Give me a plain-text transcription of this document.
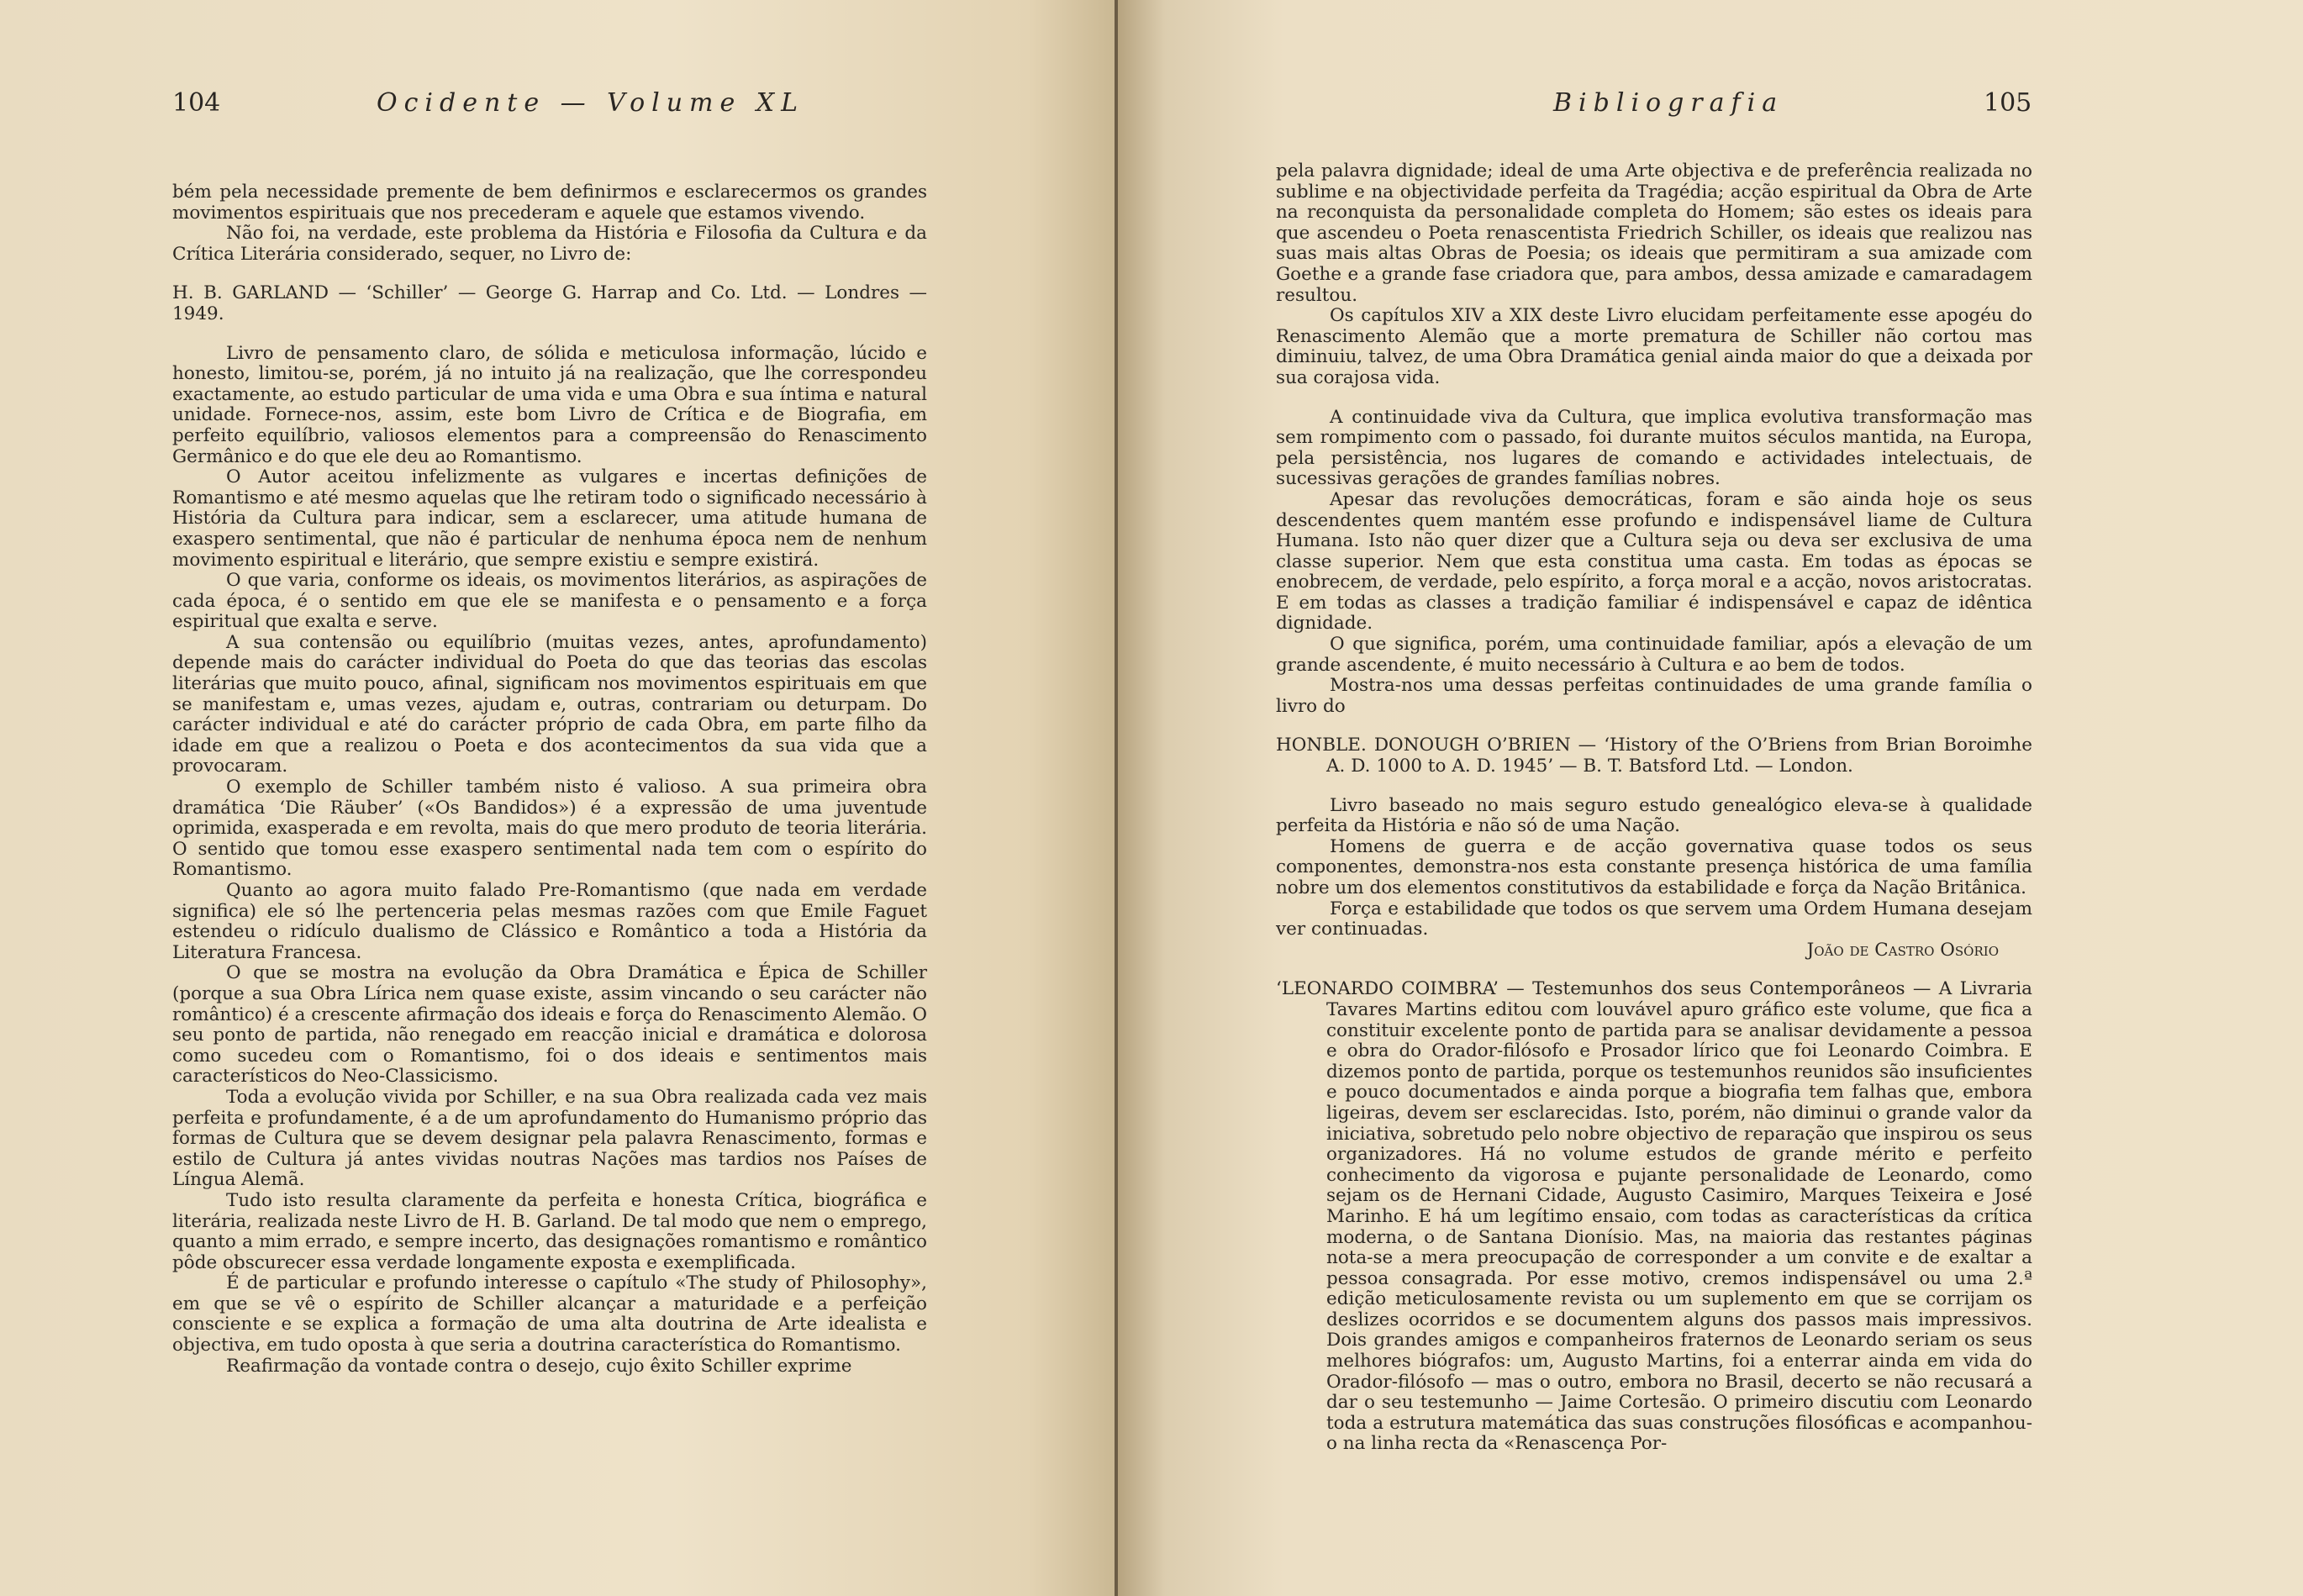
104	Ocidente — Volume XL

bém pela necessidade premente de bem definirmos e esclarecermos os grandes movimentos espirituais que nos precederam e aquele que estamos vivendo.

Não foi, na verdade, este problema da História e Filosofia da Cultura e da Crítica Literária considerado, sequer, no Livro de:

H. B. GARLAND — ‘Schiller’ — George G. Harrap and Co. Ltd. — Londres — 1949.

Livro de pensamento claro, de sólida e meticulosa informação, lúcido e honesto, limitou-se, porém, já no intuito já na realização, que lhe correspondeu exactamente, ao estudo particular de uma vida e uma Obra e sua íntima e natural unidade. Fornece-nos, assim, este bom Livro de Crítica e de Biografia, em perfeito equilíbrio, valiosos elementos para a compreensão do Renascimento Germânico e do que ele deu ao Romantismo.

O Autor aceitou infelizmente as vulgares e incertas definições de Romantismo e até mesmo aquelas que lhe retiram todo o significado necessário à História da Cultura para indicar, sem a esclarecer, uma atitude humana de exaspero sentimental, que não é particular de nenhuma época nem de nenhum movimento espiritual e literário, que sempre existiu e sempre existirá.

O que varia, conforme os ideais, os movimentos literários, as aspirações de cada época, é o sentido em que ele se manifesta e o pensamento e a força espiritual que exalta e serve.

A sua contensão ou equilíbrio (muitas vezes, antes, aprofundamento) depende mais do carácter individual do Poeta do que das teorias das escolas literárias que muito pouco, afinal, significam nos movimentos espirituais em que se manifestam e, umas vezes, ajudam e, outras, contrariam ou deturpam. Do carácter individual e até do carácter próprio de cada Obra, em parte filho da idade em que a realizou o Poeta e dos acontecimentos da sua vida que a provocaram.

O exemplo de Schiller também nisto é valioso. A sua primeira obra dramática ‘Die Räuber’ («Os Bandidos») é a expressão de uma juventude oprimida, exasperada e em revolta, mais do que mero produto de teoria literária. O sentido que tomou esse exaspero sentimental nada tem com o espírito do Romantismo.

Quanto ao agora muito falado Pre-Romantismo (que nada em verdade significa) ele só lhe pertenceria pelas mesmas razões com que Emile Faguet estendeu o ridículo dualismo de Clássico e Romântico a toda a História da Literatura Francesa.

O que se mostra na evolução da Obra Dramática e Épica de Schiller (porque a sua Obra Lírica nem quase existe, assim vincando o seu carácter não romântico) é a crescente afirmação dos ideais e força do Renascimento Alemão. O seu ponto de partida, não renegado em reacção inicial e dramática e dolorosa como sucedeu com o Romantismo, foi o dos ideais e sentimentos mais característicos do Neo-Classicismo.

Toda a evolução vivida por Schiller, e na sua Obra realizada cada vez mais perfeita e profundamente, é a de um aprofundamento do Humanismo próprio das formas de Cultura que se devem designar pela palavra Renascimento, formas e estilo de Cultura já antes vividas noutras Nações mas tardios nos Países de Língua Alemã.

Tudo isto resulta claramente da perfeita e honesta Crítica, biográfica e literária, realizada neste Livro de H. B. Garland. De tal modo que nem o emprego, quanto a mim errado, e sempre incerto, das designações romantismo e romântico pôde obscurecer essa verdade longamente exposta e exemplificada.

É de particular e profundo interesse o capítulo «The study of Philosophy», em que se vê o espírito de Schiller alcançar a maturidade e a perfeição consciente e se explica a formação de uma alta doutrina de Arte idealista e objectiva, em tudo oposta à que seria a doutrina característica do Romantismo.

Reafirmação da vontade contra o desejo, cujo êxito Schiller exprime

Bibliografia	105

pela palavra dignidade; ideal de uma Arte objectiva e de preferência realizada no sublime e na objectividade perfeita da Tragédia; acção espiritual da Obra de Arte na reconquista da personalidade completa do Homem; são estes os ideais para que ascendeu o Poeta renascentista Friedrich Schiller, os ideais que realizou nas suas mais altas Obras de Poesia; os ideais que permitiram a sua amizade com Goethe e a grande fase criadora que, para ambos, dessa amizade e camaradagem resultou.

Os capítulos XIV a XIX deste Livro elucidam perfeitamente esse apogéu do Renascimento Alemão que a morte prematura de Schiller não cortou mas diminuiu, talvez, de uma Obra Dramática genial ainda maior do que a deixada por sua corajosa vida.

A continuidade viva da Cultura, que implica evolutiva transformação mas sem rompimento com o passado, foi durante muitos séculos mantida, na Europa, pela persistência, nos lugares de comando e actividades intelectuais, de sucessivas gerações de grandes famílias nobres.

Apesar das revoluções democráticas, foram e são ainda hoje os seus descendentes quem mantém esse profundo e indispensável liame de Cultura Humana. Isto não quer dizer que a Cultura seja ou deva ser exclusiva de uma classe superior. Nem que esta constitua uma casta. Em todas as épocas se enobrecem, de verdade, pelo espírito, a força moral e a acção, novos aristocratas. E em todas as classes a tradição familiar é indispensável e capaz de idêntica dignidade.

O que significa, porém, uma continuidade familiar, após a elevação de um grande ascendente, é muito necessário à Cultura e ao bem de todos.

Mostra-nos uma dessas perfeitas continuidades de uma grande família o livro do

HONBLE. DONOUGH O’BRIEN — ‘History of the O’Briens from Brian Boroimhe A. D. 1000 to A. D. 1945’ — B. T. Batsford Ltd. — London.

Livro baseado no mais seguro estudo genealógico eleva-se à qualidade perfeita da História e não só de uma Nação.

Homens de guerra e de acção governativa quase todos os seus componentes, demonstra-nos esta constante presença histórica de uma família nobre um dos elementos constitutivos da estabilidade e força da Nação Britânica.

Força e estabilidade que todos os que servem uma Ordem Humana desejam ver continuadas.

João de Castro Osório

‘LEONARDO COIMBRA’ — Testemunhos dos seus Contemporâneos — A Livraria Tavares Martins editou com louvável apuro gráfico este volume, que fica a constituir excelente ponto de partida para se analisar devidamente a pessoa e obra do Orador-filósofo e Prosador lírico que foi Leonardo Coimbra. E dizemos ponto de partida, porque os testemunhos reunidos são insuficientes e pouco documentados e ainda porque a biografia tem falhas que, embora ligeiras, devem ser esclarecidas. Isto, porém, não diminui o grande valor da iniciativa, sobretudo pelo nobre objectivo de reparação que inspirou os seus organizadores. Há no volume estudos de grande mérito e perfeito conhecimento da vigorosa e pujante personalidade de Leonardo, como sejam os de Hernani Cidade, Augusto Casimiro, Marques Teixeira e José Marinho. E há um legítimo ensaio, com todas as características da crítica moderna, o de Santana Dionísio. Mas, na maioria das restantes páginas nota-se a mera preocupação de corresponder a um convite e de exaltar a pessoa consagrada. Por esse motivo, cremos indispensável ou uma 2.ª edição meticulosamente revista ou um suplemento em que se corrijam os deslizes ocorridos e se documentem alguns dos passos mais impressivos. Dois grandes amigos e companheiros fraternos de Leonardo seriam os seus melhores biógrafos: um, Augusto Martins, foi a enterrar ainda em vida do Orador-filósofo — mas o outro, embora no Brasil, decerto se não recusará a dar o seu testemunho — Jaime Cortesão. O primeiro discutiu com Leonardo toda a estrutura matemática das suas construções filosóficas e acompanhou-o na linha recta da «Renascença Por-
